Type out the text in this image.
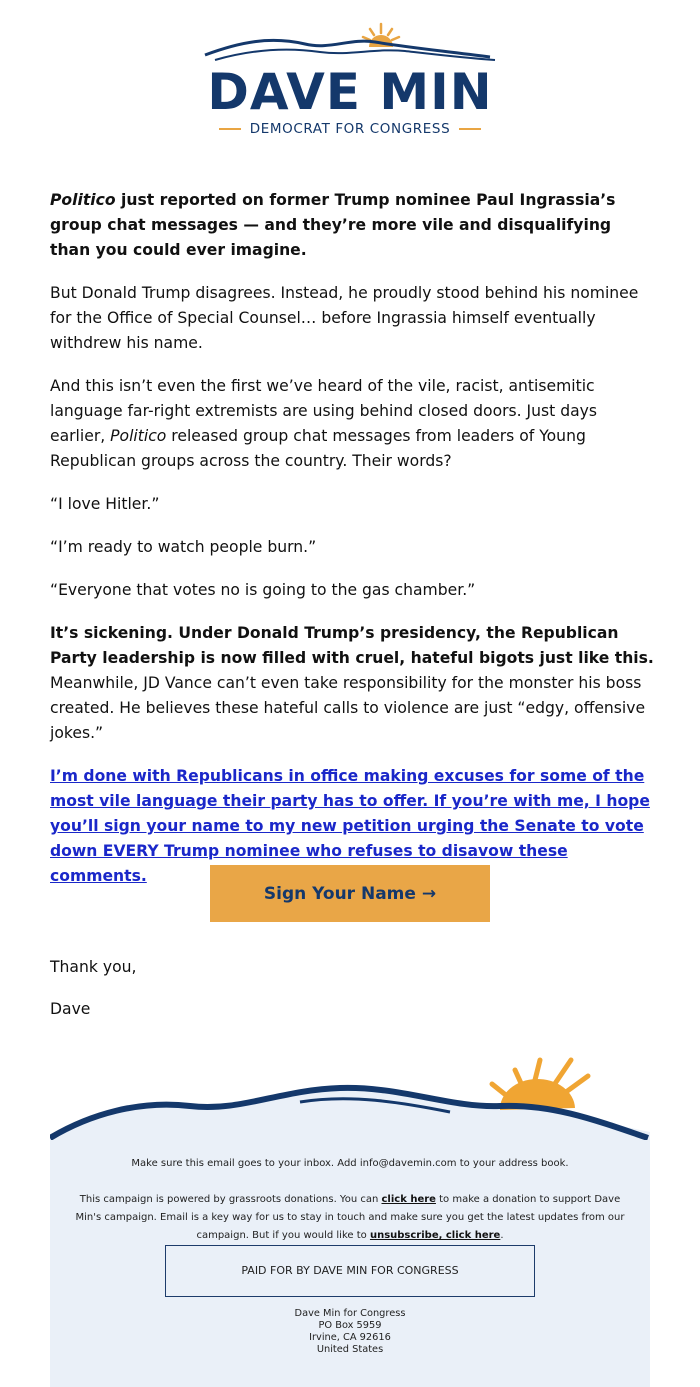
DAVE MIN
DEMOCRAT FOR CONGRESS

Politico just reported on former Trump nominee Paul Ingrassia’s group chat messages — and they’re more vile and disqualifying than you could ever imagine.

But Donald Trump disagrees. Instead, he proudly stood behind his nominee for the Office of Special Counsel… before Ingrassia himself eventually withdrew his name.

And this isn’t even the first we’ve heard of the vile, racist, antisemitic language far-right extremists are using behind closed doors. Just days earlier, Politico released group chat messages from leaders of Young Republican groups across the country. Their words?

“I love Hitler.”

“I’m ready to watch people burn.”

“Everyone that votes no is going to the gas chamber.”

It’s sickening. Under Donald Trump’s presidency, the Republican Party leadership is now filled with cruel, hateful bigots just like this. Meanwhile, JD Vance can’t even take responsibility for the monster his boss created. He believes these hateful calls to violence are just “edgy, offensive jokes.”

I’m done with Republicans in office making excuses for some of the most vile language their party has to offer. If you’re with me, I hope you’ll sign your name to my new petition urging the Senate to vote down EVERY Trump nominee who refuses to disavow these comments.

Sign Your Name →
Thank you,
Dave
Make sure this email goes to your inbox. Add info@davemin.com to your address book.
This campaign is powered by grassroots donations. You can click here to make a donation to support Dave Min's campaign. Email is a key way for us to stay in touch and make sure you get the latest updates from our campaign. But if you would like to unsubscribe, click here.
PAID FOR BY DAVE MIN FOR CONGRESS
Dave Min for Congress
PO Box 5959
Irvine, CA 92616
United States
